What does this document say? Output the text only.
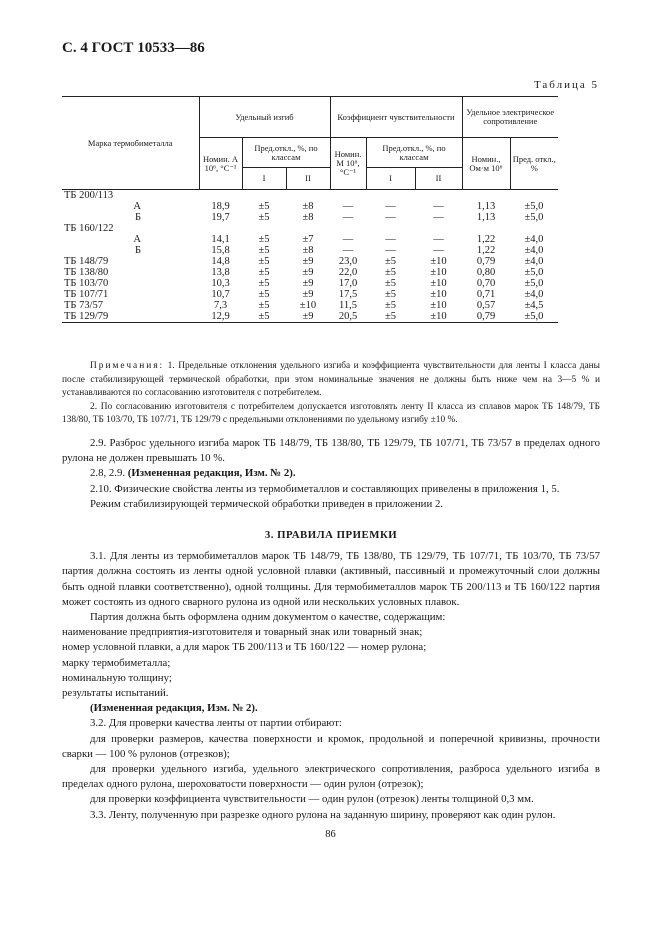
С. 4 ГОСТ 10533—86
Таблица 5
Марка термобиметалла	Удельный изгиб			Коэффициент чувствительности			Удельное электрическое сопротивление	
	Номин. А 10⁶, °С⁻¹	Пред.откл., %, по классам		Номин. М 10⁶, °С⁻¹	Пред.откл., %, по классам		Номин., Ом·м 10⁶	Пред. откл., %
		I	II		I	II		
ТБ 200/113								
А	18,9	±5	±8	—	—	—	1,13	±5,0
Б	19,7	±5	±8	—	—	—	1,13	±5,0
ТБ 160/122								
А	14,1	±5	±7	—	—	—	1,22	±4,0
Б	15,8	±5	±8	—	—	—	1,22	±4,0
ТБ 148/79	14,8	±5	±9	23,0	±5	±10	0,79	±4,0
ТБ 138/80	13,8	±5	±9	22,0	±5	±10	0,80	±5,0
ТБ 103/70	10,3	±5	±9	17,0	±5	±10	0,70	±5,0
ТБ 107/71	10,7	±5	±9	17,5	±5	±10	0,71	±4,0
ТБ 73/57	7,3	±5	±10	11,5	±5	±10	0,57	±4,5
ТБ 129/79	12,9	±5	±9	20,5	±5	±10	0,79	±5,0

Примечания: 1. Предельные отклонения удельного изгиба и коэффициента чувствительности для ленты I класса даны после стабилизирующей термической обработки, при этом номинальные значения не должны быть ниже чем на 3—5 % и устанавливаются по согласованию изготовителя с потребителем.

2. По согласованию изготовителя с потребителем допускается изготовлять ленту II класса из сплавов марок ТБ 148/79, ТБ 138/80, ТБ 103/70, ТБ 107/71, ТБ 129/79 с предельными отклонениями по удельному изгибу ±10 %.

2.9. Разброс удельного изгиба марок ТБ 148/79, ТБ 138/80, ТБ 129/79, ТБ 107/71, ТБ 73/57 в пределах одного рулона не должен превышать 10 %.

2.8, 2.9. (Измененная редакция, Изм. № 2).

2.10. Физические свойства ленты из термобиметаллов и составляющих привелены в приложения 1, 5.

Режим стабилизирующей термической обработки приведен в приложении 2.

3. ПРАВИЛА ПРИЕМКИ

3.1. Для ленты из термобиметаллов марок ТБ 148/79, ТБ 138/80, ТБ 129/79, ТБ 107/71, ТБ 103/70, ТБ 73/57 партия должна состоять из ленты одной условной плавки (активный, пассивный и промежуточный слои должны быть одной плавки соответственно), одной толщины. Для термобиметаллов марок ТБ 200/113 и ТБ 160/122 партия может состоять из одного сварного рулона из одной или нескольких условных плавок.

Партия должна быть оформлена одним документом о качестве, содержащим:

наименование предприятия-изготовителя и товарный знак или товарный знак;

номер условной плавки, а для марок ТБ 200/113 и ТБ 160/122 — номер рулона;

марку термобиметалла;

номинальную толщину;

результаты испытаний.

(Измененная редакция, Изм. № 2).

3.2. Для проверки качества ленты от партии отбирают:

для проверки размеров, качества поверхности и кромок, продольной и поперечной кривизны, прочности сварки — 100 % рулонов (отрезков);

для проверки удельного изгиба, удельного электрического сопротивления, разброса удельного изгиба в пределах одного рулона, шероховатости поверхности — один рулон (отрезок);

для проверки коэффициента чувствительности — один рулон (отрезок) ленты толщиной 0,3 мм.

3.3. Ленту, полученную при разрезке одного рулона на заданную ширину, проверяют как один рулон.

86
